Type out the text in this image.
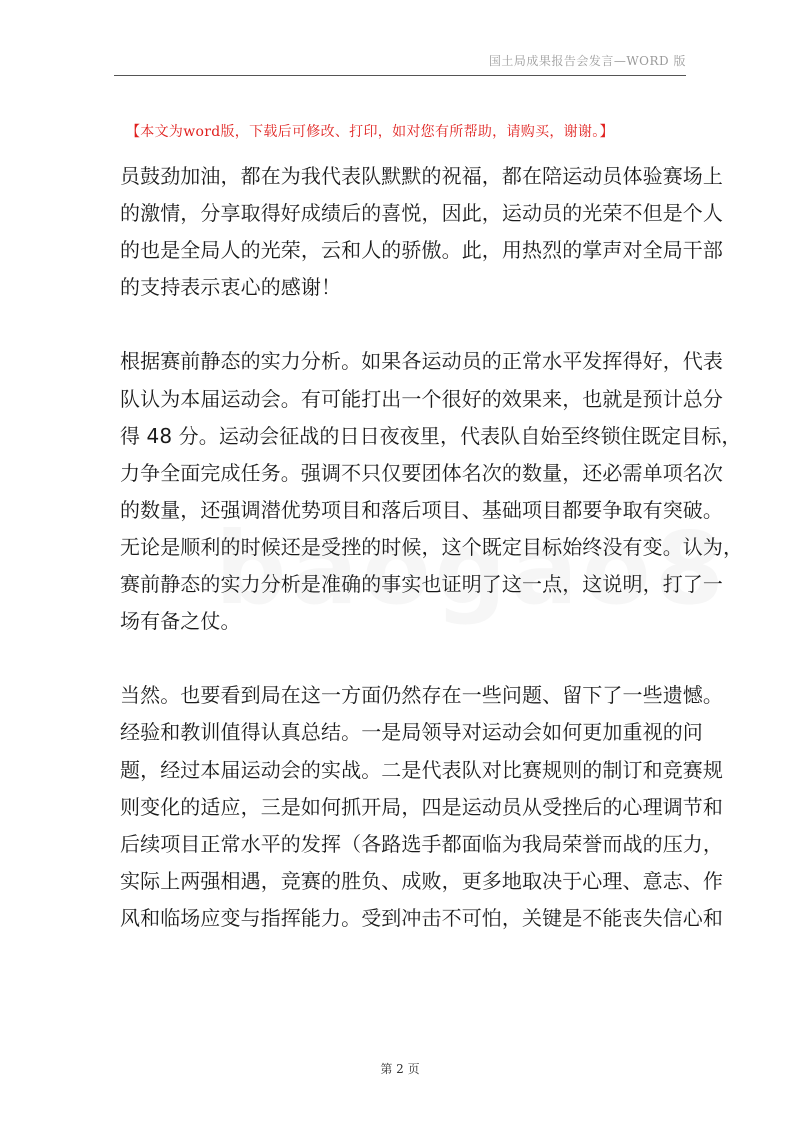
国土局成果报告会发言—WORD 版
【本文为word版，下载后可修改、打印，如对您有所帮助，请购买，谢谢。】

员鼓劲加油，都在为我代表队默默的祝福，都在陪运动员体验赛场上
的激情，分享取得好成绩后的喜悦，因此，运动员的光荣不但是个人
的也是全局人的光荣，云和人的骄傲。此，用热烈的掌声对全局干部
的支持表示衷心的感谢！

根据赛前静态的实力分析。如果各运动员的正常水平发挥得好，代表
队认为本届运动会。有可能打出一个很好的效果来，也就是预计总分
得 48 分。运动会征战的日日夜夜里，代表队自始至终锁住既定目标，
力争全面完成任务。强调不只仅要团体名次的数量，还必需单项名次
的数量，还强调潜优势项目和落后项目、基础项目都要争取有突破。
无论是顺利的时候还是受挫的时候，这个既定目标始终没有变。认为，
赛前静态的实力分析是准确的事实也证明了这一点，这说明，打了一
场有备之仗。

当然。也要看到局在这一方面仍然存在一些问题、留下了一些遗憾。
经验和教训值得认真总结。一是局领导对运动会如何更加重视的问
题，经过本届运动会的实战。二是代表队对比赛规则的制订和竞赛规
则变化的适应，三是如何抓开局，四是运动员从受挫后的心理调节和
后续项目正常水平的发挥（各路选手都面临为我局荣誉而战的压力，
实际上两强相遇，竞赛的胜负、成败，更多地取决于心理、意志、作
风和临场应变与指挥能力。受到冲击不可怕，关键是不能丧失信心和

第 2 页
